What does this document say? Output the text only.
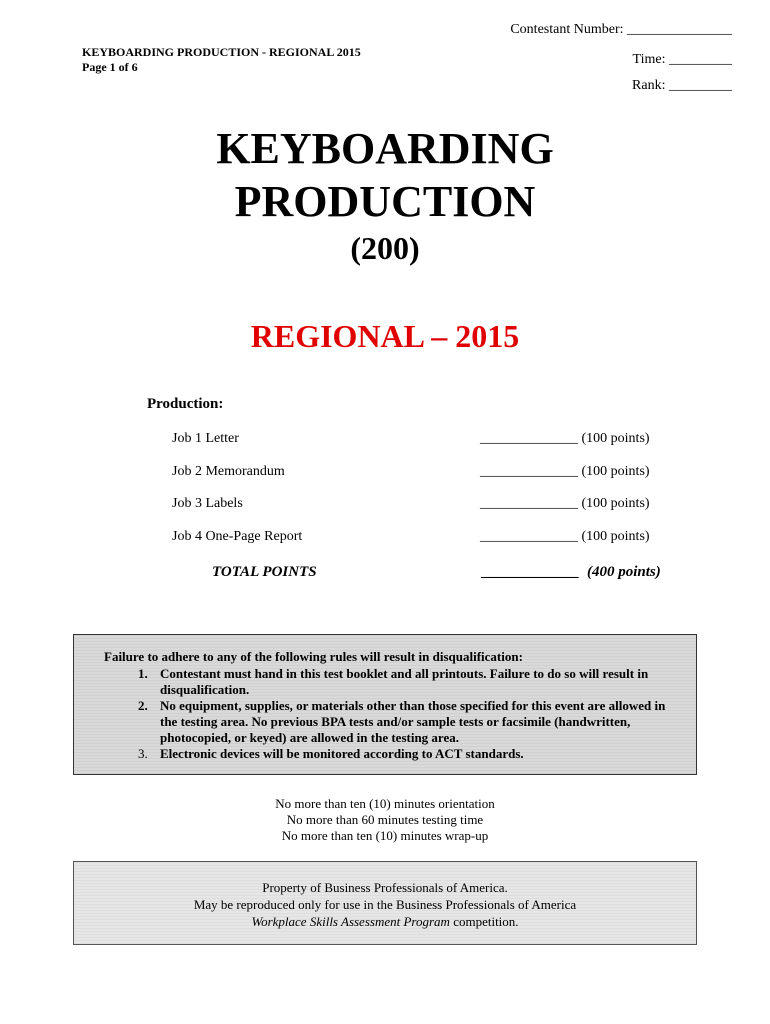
Contestant Number: _______________
KEYBOARDING PRODUCTION - REGIONAL 2015
Page 1 of 6	Time: _________
Rank: _________
KEYBOARDING
PRODUCTION
(200)
REGIONAL – 2015
Production:
Job 1 Letter	______________ (100 points)
Job 2 Memorandum	______________ (100 points)
Job 3 Labels	______________ (100 points)
Job 4 One-Page Report	______________ (100 points)
TOTAL POINTS	_____________  (400 points)
Failure to adhere to any of the following rules will result in disqualification:
1. Contestant must hand in this test booklet and all printouts. Failure to do so will result in disqualification.
2. No equipment, supplies, or materials other than those specified for this event are allowed in the testing area. No previous BPA tests and/or sample tests or facsimile (handwritten, photocopied, or keyed) are allowed in the testing area.
3. Electronic devices will be monitored according to ACT standards.
No more than ten (10) minutes orientation
No more than 60 minutes testing time
No more than ten (10) minutes wrap-up
Property of Business Professionals of America.
May be reproduced only for use in the Business Professionals of America
Workplace Skills Assessment Program competition.
